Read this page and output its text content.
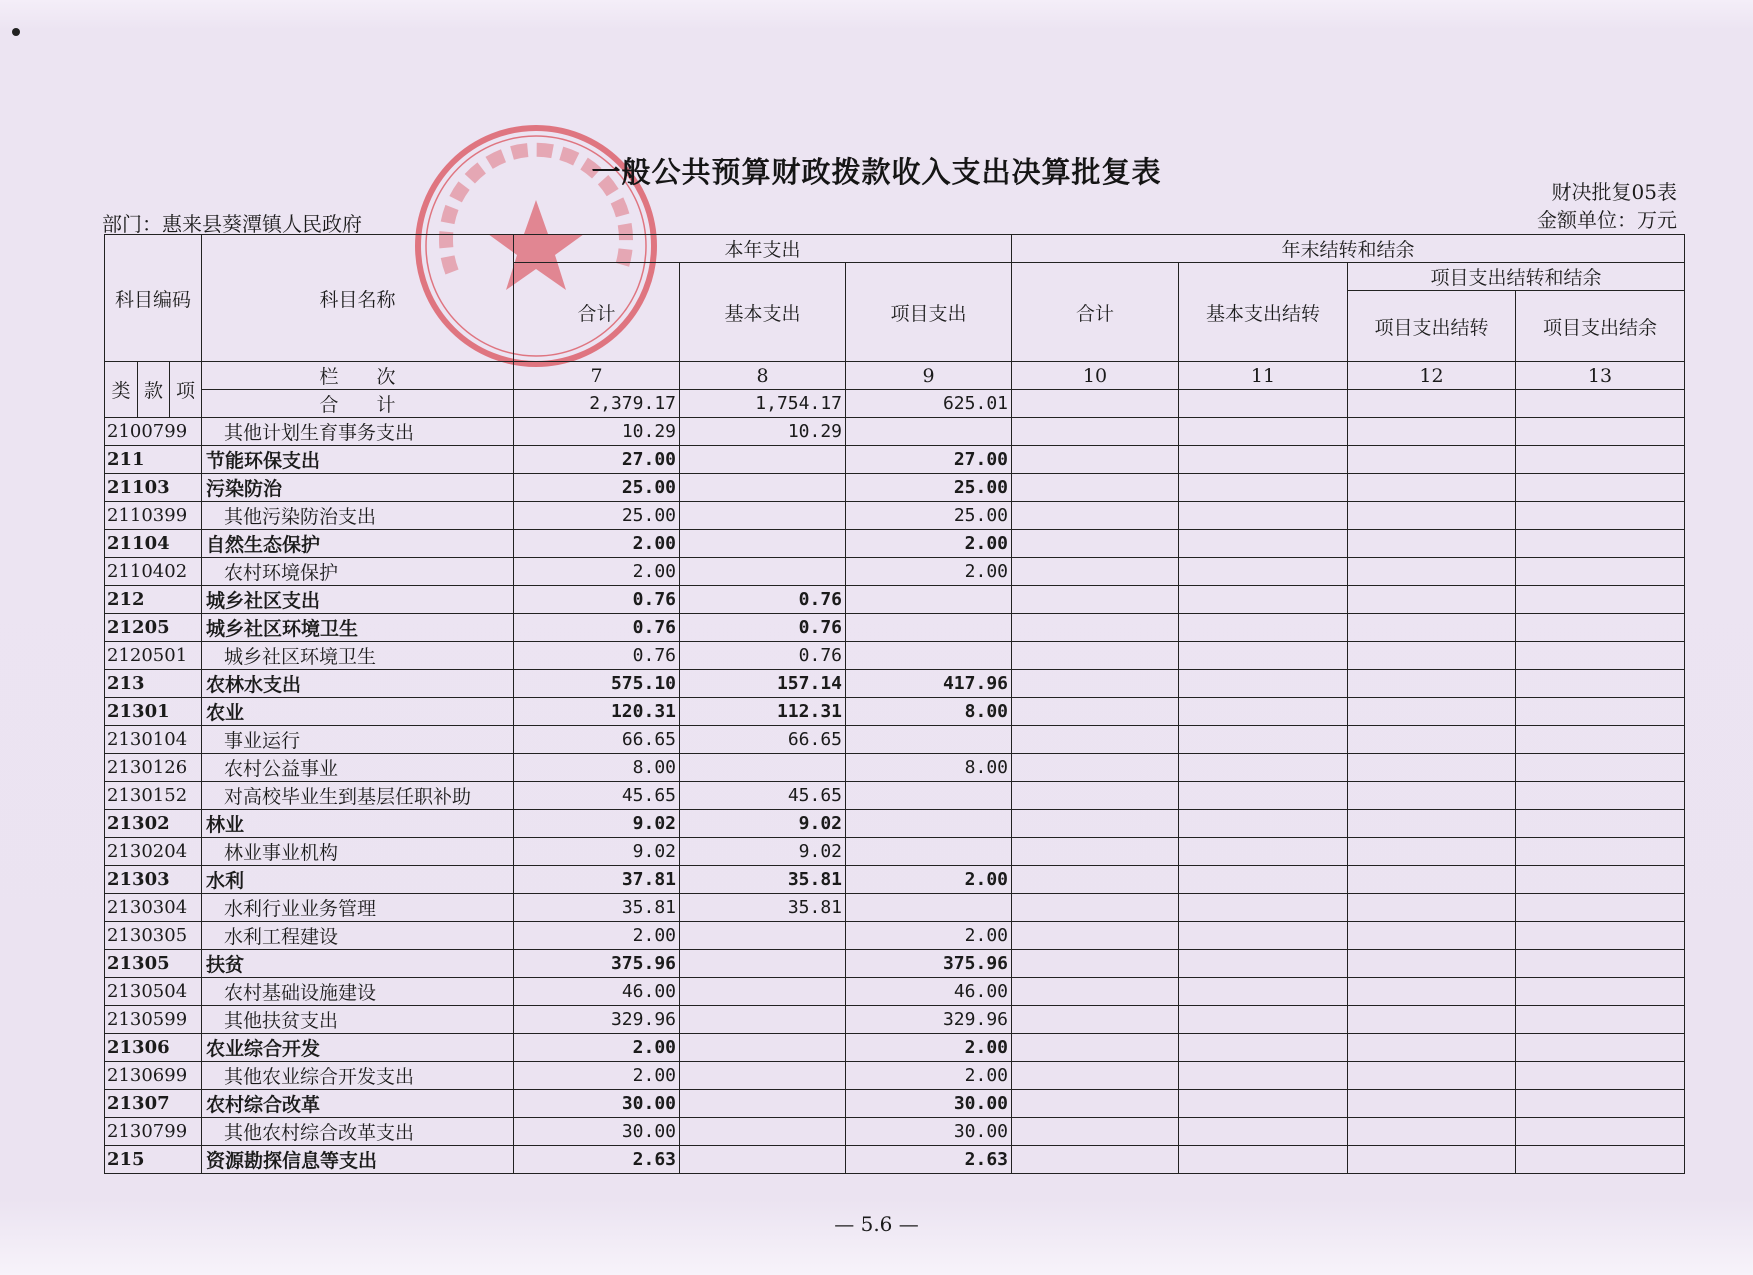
一般公共预算财政拨款收入支出决算批复表
财决批复05表
金额单位：万元
部门：惠来县葵潭镇人民政府
科目编码			科目名称	本年支出			年末结转和结余			
				合计	基本支出	项目支出	合计	基本支出结转	项目支出结转和结余	
									项目支出结转	项目支出结余
类	款	项	栏　　次	7	8	9	10	11	12	13
			合　　计	2,379.17	1,754.17	625.01				
2100799			其他计划生育事务支出	10.29	10.29					
211			节能环保支出	27.00		27.00				
21103			污染防治	25.00		25.00				
2110399			其他污染防治支出	25.00		25.00				
21104			自然生态保护	2.00		2.00				
2110402			农村环境保护	2.00		2.00				
212			城乡社区支出	0.76	0.76					
21205			城乡社区环境卫生	0.76	0.76					
2120501			城乡社区环境卫生	0.76	0.76					
213			农林水支出	575.10	157.14	417.96				
21301			农业	120.31	112.31	8.00				
2130104			事业运行	66.65	66.65					
2130126			农村公益事业	8.00		8.00				
2130152			对高校毕业生到基层任职补助	45.65	45.65					
21302			林业	9.02	9.02					
2130204			林业事业机构	9.02	9.02					
21303			水利	37.81	35.81	2.00				
2130304			水利行业业务管理	35.81	35.81					
2130305			水利工程建设	2.00		2.00				
21305			扶贫	375.96		375.96				
2130504			农村基础设施建设	46.00		46.00				
2130599			其他扶贫支出	329.96		329.96				
21306			农业综合开发	2.00		2.00				
2130699			其他农业综合开发支出	2.00		2.00				
21307			农村综合改革	30.00		30.00				
2130799			其他农村综合改革支出	30.00		30.00				
215			资源勘探信息等支出	2.63		2.63				
— 5.6 —
